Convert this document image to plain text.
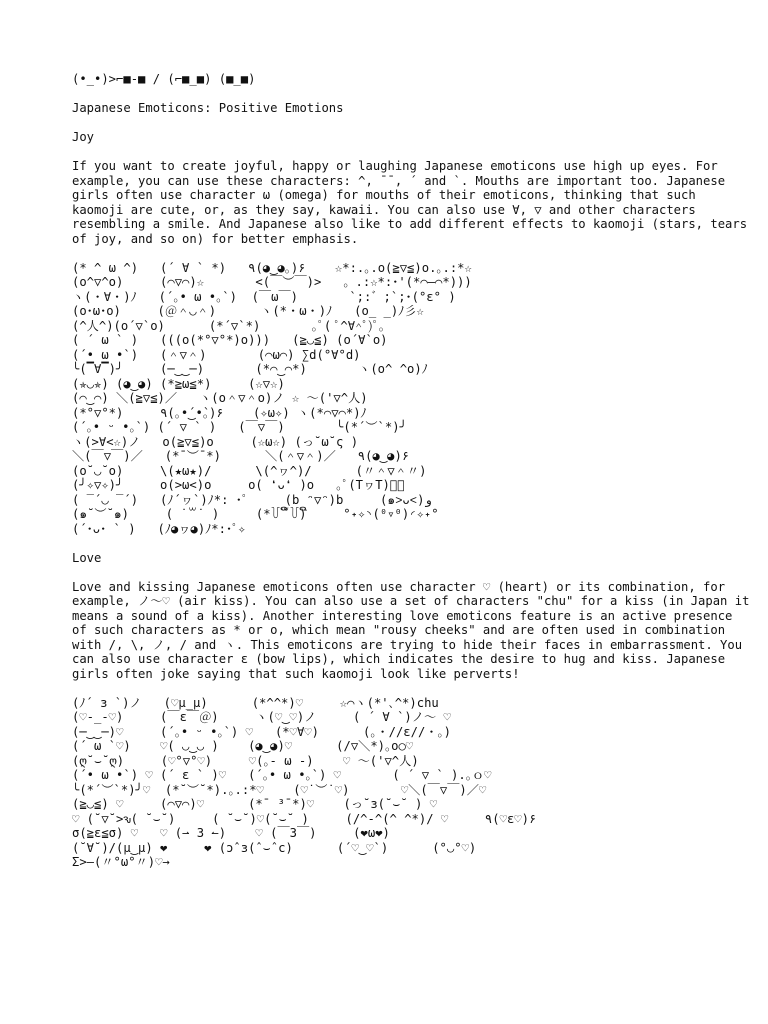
(•_•)>⌐■-■ / (⌐■_■) (■_■)
Japanese Emoticons: Positive Emotions
Joy
If you want to create joyful, happy or laughing Japanese emoticons use high up eyes. For example, you can use these characters: ^, ¯¯, ´ and `. Mouths are important too. Japanese girls often use character ω (omega) for mouths of their emoticons, thinking that such kaomoji are cute, or, as they say, kawaii. You can also use ∀, ▽ and other characters resembling a smile. And Japanese also like to add different effects to kaomoji (stars, tears of joy, and so on) for better emphasis.
(* ^ ω ^)   (´ ∀ ` *)   ٩(◕‿◕｡)۶    ☆*:.｡.o(≧▽≦)o.｡.:*☆
(o^▽^o)     (⌒▽⌒)☆       <(￣︶￣)>   。.:☆*:･'(*⌒―⌒*)))
ヽ(・∀・)ﾉ   (´｡• ω •｡`)  (￣ω￣)       `;:゛;`;･(°ε° )
(o･ω･o)     (＠＾◡＾)      ヽ(*・ω・)ﾉ   (o_ _)ﾉ彡☆
(^人^)(o´▽`o)      (*´▽`*)       ｡ﾟ( ﾟ^∀^ﾟ)ﾟ｡
( ´ ω ` )   (((o(*°▽°*)o)))   (≧◡≦) (o´∀`o)
(´• ω •`)   (＾▽＾)       (⌒ω⌒) ∑d(°∀°d)
╰(▔∀▔)╯     (─‿‿─)       (*⌒‿⌒*)       ヽ(o^ ^o)ﾉ
(✯◡✯) (◕‿◕) (*≧ω≦*)     (☆▽☆)
(⌒‿⌒) ＼(≧▽≦)／   ヽ(o＾▽＾o)ノ ☆ ～('▽^人)
(*°▽°*)     ٩(｡•́‿•̀｡)۶    (✧ω✧) ヽ(*⌒▽⌒*)ﾉ
(´｡• ᵕ •｡`) (´ ▽ ` )   (￣▽￣)       ╰(*´︶`*)╯
ヽ(>∀<☆)ノ   o(≧▽≦)o     (☆ω☆) (っ˘ω˘ς )
＼(￣▽￣)／   (*¯︶¯*)      ＼(＾▽＾)／   ٩(◕‿◕)۶
(o˘◡˘o)     \(★ω★)/      \(^ヮ^)/      (〃＾▽＾〃)
(╯✧▽✧)╯     o(>ω<)o     o( ❛ᴗ❛ )o   ｡ﾟ(TヮT)ﾟ｡
( ‾́ ◡ ‾́ )   (ﾉ´ヮ`)ﾉ*: ･ﾟ     (b ᵔ▽ᵔ)b     (๑˃ᴗ˂)ﻭ
(๑˘︶˘๑)     ( ˙꒳˙ )     (*꒦ິ꒳꒦ີ)     °˖✧◝(⁰▿⁰)◜✧˖°
(´･ᴗ･ ` )   (ﾉ◕ヮ◕)ﾉ*:･ﾟ✧
Love
Love and kissing Japanese emoticons often use character ♡ (heart) or its combination, for example, ノ～♡ (air kiss). You can also use a set of characters "chu" for a kiss (in Japan it means a sound of a kiss). Another interesting love emoticons feature is an active presence of such characters as * or o, which mean "rousy cheeks" and are often used in combination with /, \, ノ, / and ヽ. This emoticons are trying to hide their faces in embarrassment. You can also use character ε (bow lips), which indicates the desire to hug and kiss. Japanese girls often joke saying that such kaomoji look like perverts!
(ﾉ´ з `)ノ   (♡μ_μ)      (*^^*)♡     ☆⌒ヽ(*'､^*)chu
(♡-_-♡)     (￣ε￣＠)     ヽ(♡‿♡)ノ     ( ´ ∀ `)ノ～ ♡
(─‿‿─)♡     (´｡• ᵕ •｡`) ♡   (*♡∀♡)      (｡・//ε//・｡)
(´ ω `♡)    ♡( ◡‿◡ )    (◕‿◕)♡      (/▽＼*)｡o○♡
(ღ˘⌣˘ღ)     (♡°▽°♡)     ♡(｡- ω -)    ♡ ～('▽^人)
(´• ω •`) ♡ (´ ε ` )♡   (´｡• ω •｡`) ♡       ( ´ ▽ ` ).｡ｏ♡
╰(*´︶`*)╯♡  (*˘︶˘*).｡.:*♡    (♡˙︶˙♡)       ♡＼(￣▽￣)／♡
(≧◡≦) ♡     (⌒▽⌒)♡      (*¯ ³¯*)♡    (っ˘з(˘⌣˘ ) ♡
♡ (˘▽˘>ԅ( ˘⌣˘)     ( ˘⌣˘)♡(˘⌣˘ )     (/^-^(^ ^*)/ ♡     ٩(♡ε♡)۶
σ(≧ε≦σ) ♡   ♡ (⇀ 3 ↼)    ♡ (￣З￣)     (❤ω❤)
(˘∀˘)/(μ‿μ) ❤     ❤ (ɔˆз(ˆ⌣ˆc)      (´♡‿♡`)      (°◡°♡)
Σ>―(〃°ω°〃)♡→
